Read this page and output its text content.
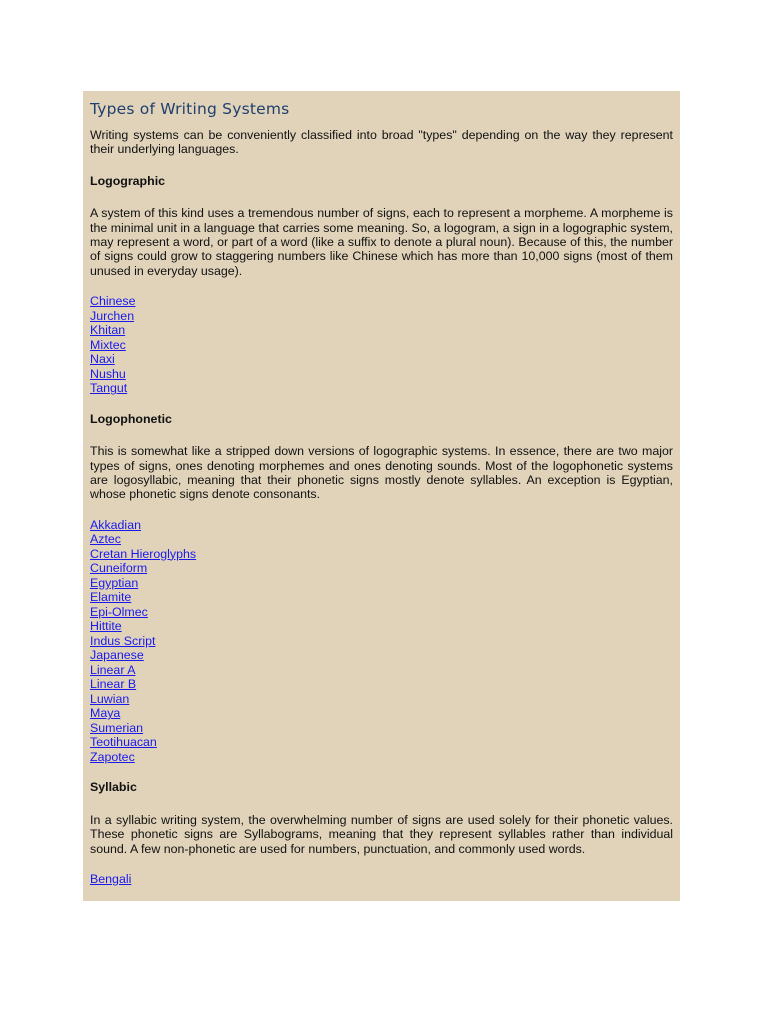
Types of Writing Systems

Writing systems can be conveniently classified into broad "types" depending on the way they represent their underlying languages.

Logographic

A system of this kind uses a tremendous number of signs, each to represent a morpheme. A morpheme is the minimal unit in a language that carries some meaning. So, a logogram, a sign in a logographic system, may represent a word, or part of a word (like a suffix to denote a plural noun). Because of this, the number of signs could grow to staggering numbers like Chinese which has more than 10,000 signs (most of them unused in everyday usage).

Chinese
Jurchen
Khitan
Mixtec
Naxi
Nushu
Tangut
Logophonetic

This is somewhat like a stripped down versions of logographic systems. In essence, there are two major types of signs, ones denoting morphemes and ones denoting sounds. Most of the logophonetic systems are logosyllabic, meaning that their phonetic signs mostly denote syllables. An exception is Egyptian, whose phonetic signs denote consonants.

Akkadian
Aztec
Cretan Hieroglyphs
Cuneiform
Egyptian
Elamite
Epi-Olmec
Hittite
Indus Script
Japanese
Linear A
Linear B
Luwian
Maya
Sumerian
Teotihuacan
Zapotec
Syllabic

In a syllabic writing system, the overwhelming number of signs are used solely for their phonetic values. These phonetic signs are Syllabograms, meaning that they represent syllables rather than individual sound. A few non-phonetic are used for numbers, punctuation, and commonly used words.

Bengali
